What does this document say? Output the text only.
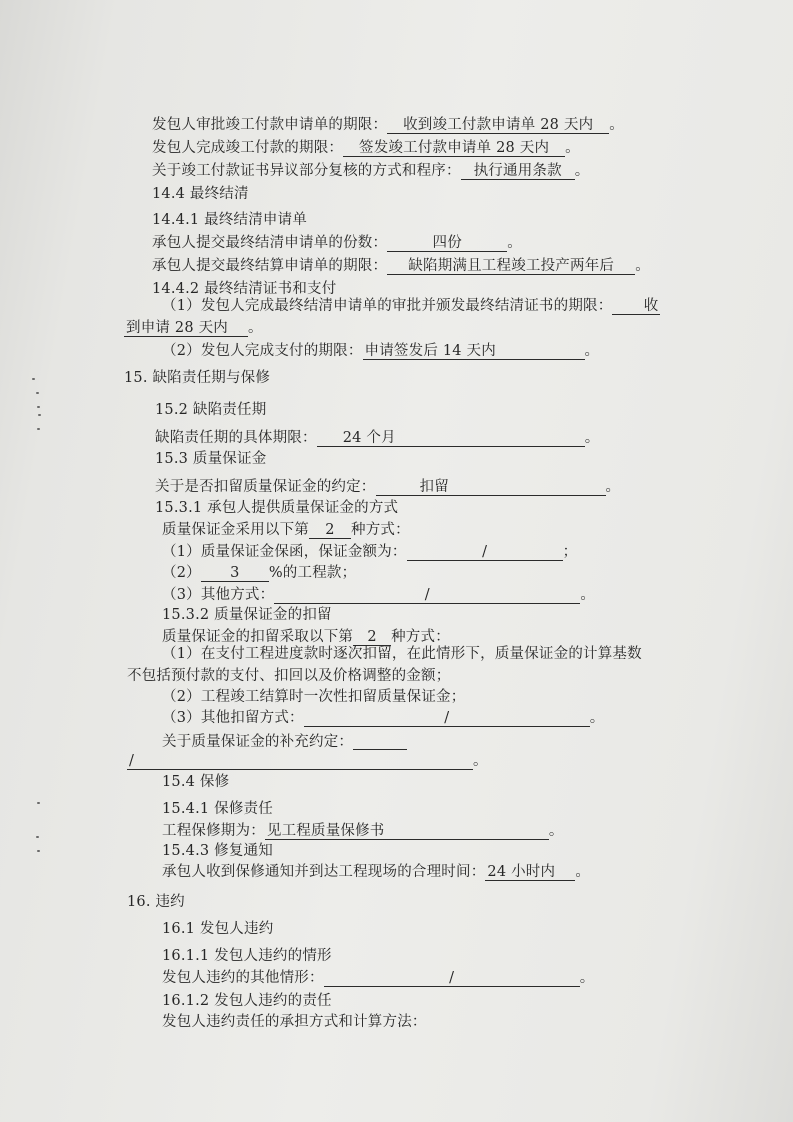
发包人审批竣工付款申请单的期限： 收到竣工付款申请单 28 天内 。
发包人完成竣工付款的期限： 签发竣工付款申请单 28 天内 。
关于竣工付款证书异议部分复核的方式和程序： 执行通用条款 。
14.4 最终结清
14.4.1 最终结清申请单
承包人提交最终结清申请单的份数：	四份	。
承包人提交最终结算申请单的期限： 缺陷期满且工程竣工投产两年后 。
14.4.2 最终结清证书和支付
（1）发包人完成最终结清申请单的审批并颁发最终结清证书的期限： 收
到申请 28 天内 。
（2）发包人完成支付的期限： 申请签发后 14 天内	。
15. 缺陷责任期与保修
15.2 缺陷责任期
缺陷责任期的具体期限： 24 个月	。
15.3 质量保证金
关于是否扣留质量保证金的约定：	扣留	。
15.3.1 承包人提供质量保证金的方式
质量保证金采用以下第 2 种方式：
（1）质量保证金保函，保证金额为：	/	；
（2） 3 %的工程款；
（3）其他方式：	/	。
15.3.2 质量保证金的扣留
质量保证金的扣留采取以下第 2 种方式：
（1）在支付工程进度款时逐次扣留，在此情形下，质量保证金的计算基数
不包括预付款的支付、扣回以及价格调整的金额；
（2）工程竣工结算时一次性扣留质量保证金；
（3）其他扣留方式：	/	。
关于质量保证金的补充约定：
/	。
15.4 保修
15.4.1 保修责任
工程保修期为： 见工程质量保修书	。
15.4.3 修复通知
承包人收到保修通知并到达工程现场的合理时间： 24 小时内 。
16. 违约
16.1 发包人违约
16.1.1 发包人违约的情形
发包人违约的其他情形：	/	。
16.1.2 发包人违约的责任
发包人违约责任的承担方式和计算方法：
